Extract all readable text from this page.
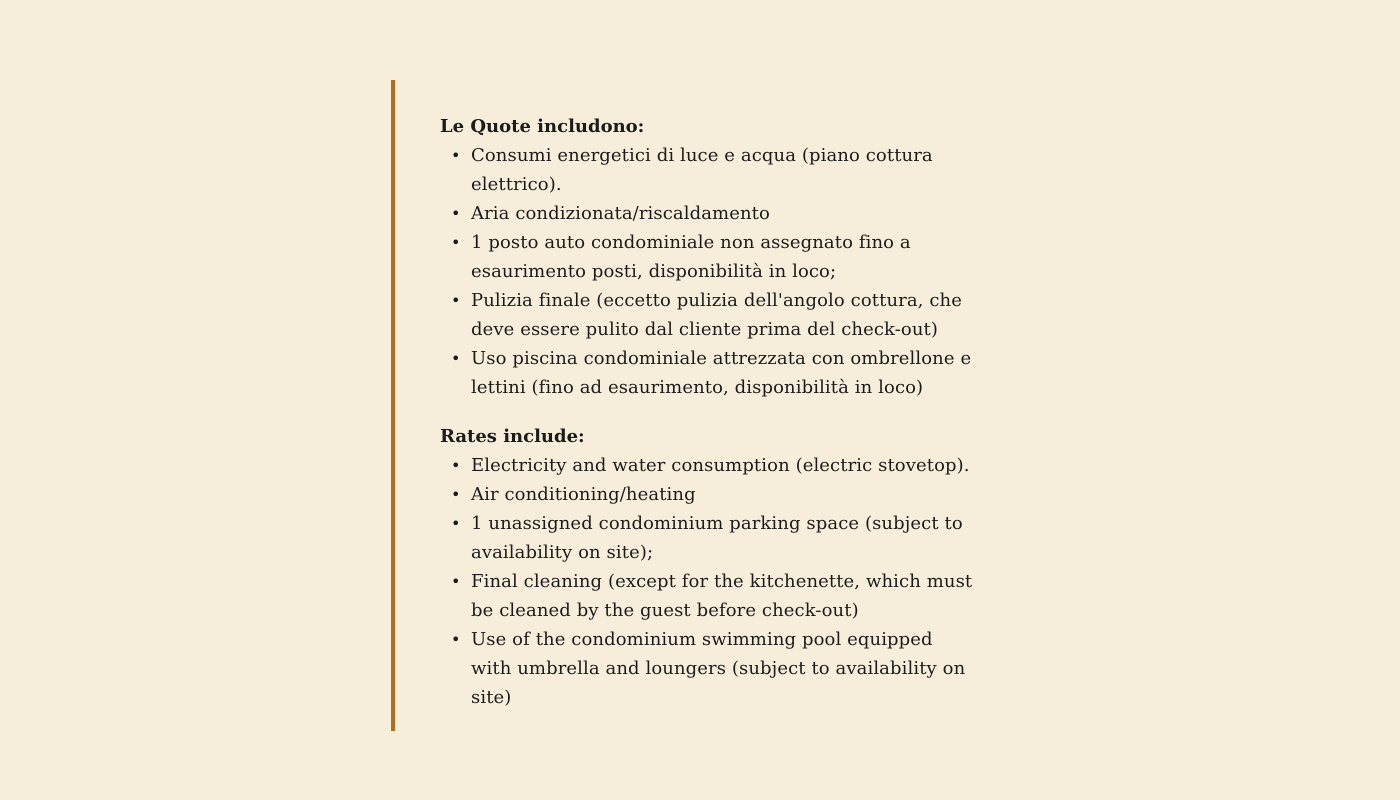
Le Quote includono:
• Consumi energetici di luce e acqua (piano cottura
elettrico).
• Aria condizionata/riscaldamento
• 1 posto auto condominiale non assegnato fino a
esaurimento posti, disponibilità in loco;
• Pulizia finale (eccetto pulizia dell'angolo cottura, che
deve essere pulito dal cliente prima del check-out)
• Uso piscina condominiale attrezzata con ombrellone e
lettini (fino ad esaurimento, disponibilità in loco)
Rates include:
• Electricity and water consumption (electric stovetop).
• Air conditioning/heating
• 1 unassigned condominium parking space (subject to
availability on site);
• Final cleaning (except for the kitchenette, which must
be cleaned by the guest before check-out)
• Use of the condominium swimming pool equipped
with umbrella and loungers (subject to availability on
site)
